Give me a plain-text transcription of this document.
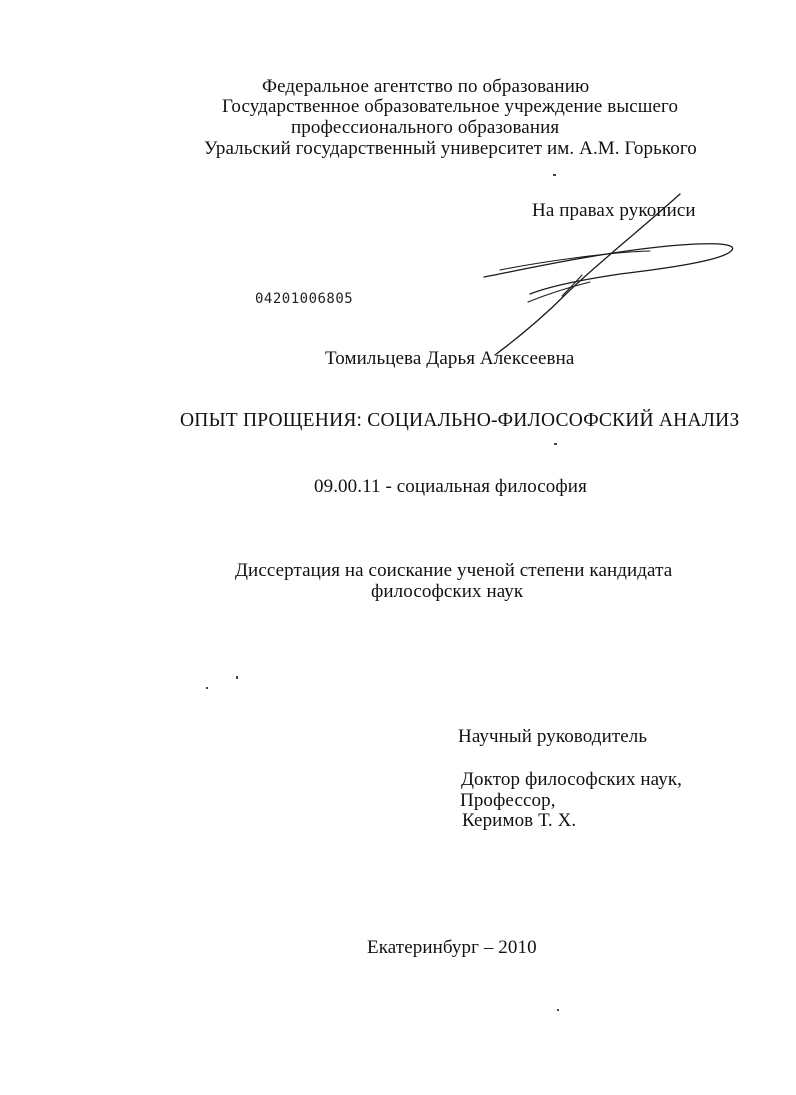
Федеральное агентство по образованию
Государственное образовательное учреждение высшего
профессионального образования
Уральский государственный университет им. А.М. Горького
На правах рукописи
04201006805
Томильцева Дарья Алексеевна
ОПЫТ ПРОЩЕНИЯ: СОЦИАЛЬНО-ФИЛОСОФСКИЙ АНАЛИЗ
09.00.11 - социальная философия
Диссертация на соискание ученой степени кандидата
философских наук
Научный руководитель
Доктор философских наук,
Профессор,
Керимов Т. Х.
Екатеринбург – 2010
